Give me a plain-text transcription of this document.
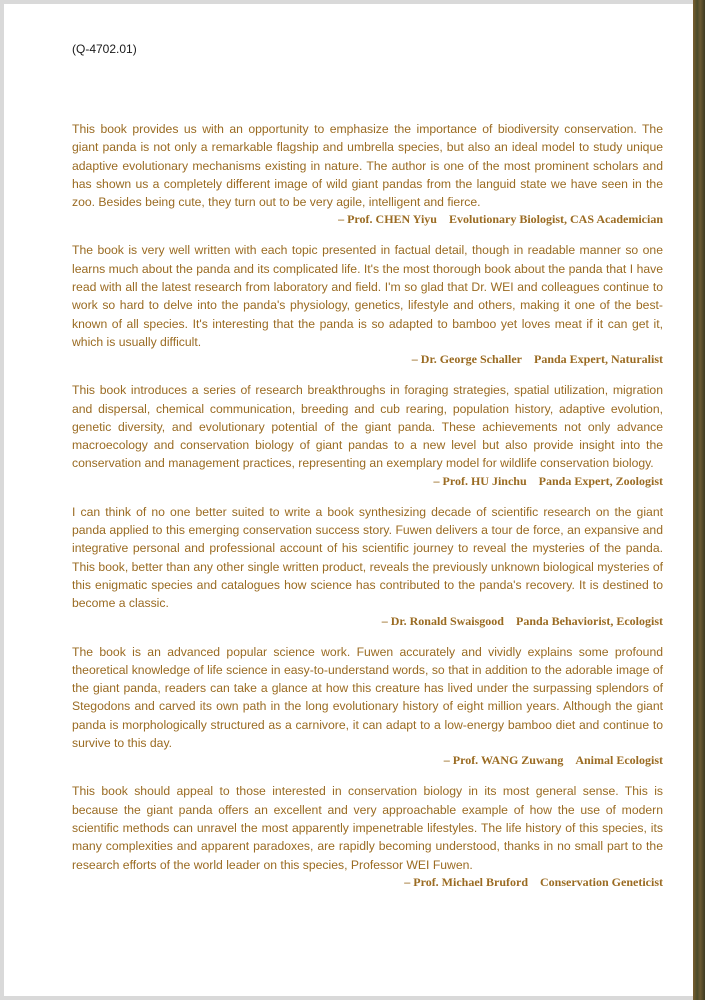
(Q-4702.01)

This book provides us with an opportunity to emphasize the importance of biodiversity conservation. The giant panda is not only a remarkable flagship and umbrella species, but also an ideal model to study unique adaptive evolutionary mechanisms existing in nature. The author is one of the most prominent scholars and has shown us a completely different image of wild giant pandas from the languid state we have seen in the zoo. Besides being cute, they turn out to be very agile, intelligent and fierce.

– Prof. CHEN Yiyu Evolutionary Biologist, CAS Academician

The book is very well written with each topic presented in factual detail, though in readable manner so one learns much about the panda and its complicated life. It's the most thorough book about the panda that I have read with all the latest research from laboratory and field. I'm so glad that Dr. WEI and colleagues continue to work so hard to delve into the panda's physiology, genetics, lifestyle and others, making it one of the best-known of all species. It's interesting that the panda is so adapted to bamboo yet loves meat if it can get it, which is usually difficult.

– Dr. George Schaller Panda Expert, Naturalist

This book introduces a series of research breakthroughs in foraging strategies, spatial utilization, migration and dispersal, chemical communication, breeding and cub rearing, population history, adaptive evolution, genetic diversity, and evolutionary potential of the giant panda. These achievements not only advance macroecology and conservation biology of giant pandas to a new level but also provide insight into the conservation and management practices, representing an exemplary model for wildlife conservation biology.

– Prof. HU Jinchu Panda Expert, Zoologist

I can think of no one better suited to write a book synthesizing decade of scientific research on the giant panda applied to this emerging conservation success story. Fuwen delivers a tour de force, an expansive and integrative personal and professional account of his scientific journey to reveal the mysteries of the panda. This book, better than any other single written product, reveals the previously unknown biological mysteries of this enigmatic species and catalogues how science has contributed to the panda's recovery. It is destined to become a classic.

– Dr. Ronald Swaisgood Panda Behaviorist, Ecologist

The book is an advanced popular science work. Fuwen accurately and vividly explains some profound theoretical knowledge of life science in easy-to-understand words, so that in addition to the adorable image of the giant panda, readers can take a glance at how this creature has lived under the surpassing splendors of Stegodons and carved its own path in the long evolutionary history of eight million years. Although the giant panda is morphologically structured as a carnivore, it can adapt to a low-energy bamboo diet and continue to survive to this day.

– Prof. WANG Zuwang Animal Ecologist

This book should appeal to those interested in conservation biology in its most general sense. This is because the giant panda offers an excellent and very approachable example of how the use of modern scientific methods can unravel the most apparently impenetrable lifestyles. The life history of this species, its many complexities and apparent paradoxes, are rapidly becoming understood, thanks in no small part to the research efforts of the world leader on this species, Professor WEI Fuwen.

– Prof. Michael Bruford Conservation Geneticist
